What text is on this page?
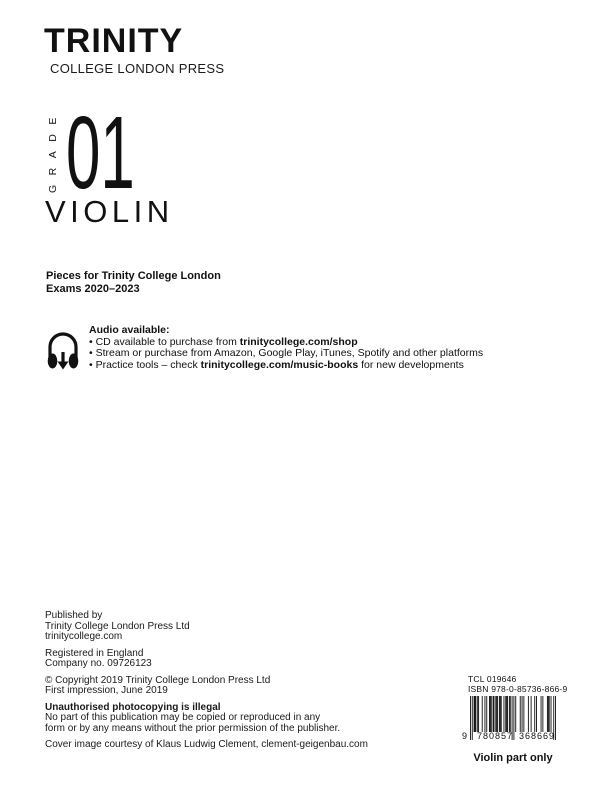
TRINITY
COLLEGE LONDON PRESS
GRADE 01
VIOLIN
Pieces for Trinity College London
Exams 2020–2023
Audio available:
• CD available to purchase from trinitycollege.com/shop
• Stream or purchase from Amazon, Google Play, iTunes, Spotify and other platforms
• Practice tools – check trinitycollege.com/music-books for new developments

Published by
Trinity College London Press Ltd
trinitycollege.com

Registered in England
Company no. 09726123

© Copyright 2019 Trinity College London Press Ltd
First impression, June 2019

Unauthorised photocopying is illegal
No part of this publication may be copied or reproduced in any
form or by any means without the prior permission of the publisher.

Cover image courtesy of Klaus Ludwig Clement, clement-geigenbau.com

TCL 019646
ISBN 978-0-85736-866-9
9 780857 368669
Violin part only
